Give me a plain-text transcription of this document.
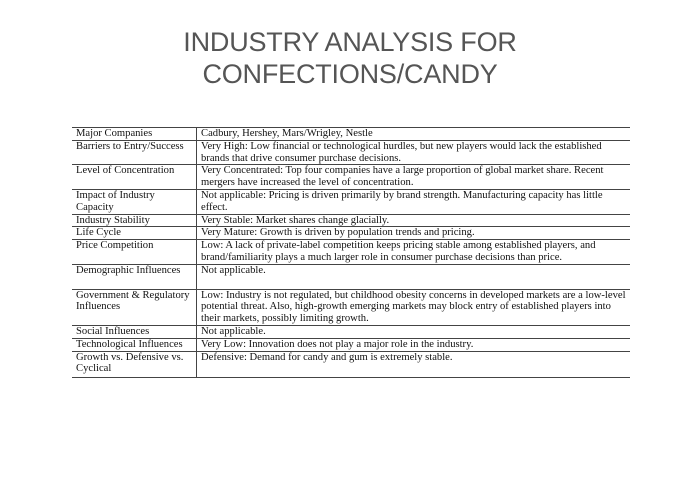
INDUSTRY ANALYSIS FOR
CONFECTIONS/CANDY
Major Companies	Cadbury, Hershey, Mars/Wrigley, Nestle
Barriers to Entry/Success	Very High: Low financial or technological hurdles, but new players would lack the established brands that drive consumer purchase decisions.
Level of Concentration	Very Concentrated: Top four companies have a large proportion of global market share. Recent mergers have increased the level of concentration.
Impact of Industry Capacity	Not applicable: Pricing is driven primarily by brand strength. Manufacturing capacity has little effect.
Industry Stability	Very Stable: Market shares change glacially.
Life Cycle	Very Mature: Growth is driven by population trends and pricing.
Price Competition	Low: A lack of private-label competition keeps pricing stable among established players, and brand/familiarity plays a much larger role in consumer purchase decisions than price.
Demographic Influences	Not applicable.
Government & Regulatory Influences	Low: Industry is not regulated, but childhood obesity concerns in developed markets are a low-level potential threat. Also, high-growth emerging markets may block entry of established players into their markets, possibly limiting growth.
Social Influences	Not applicable.
Technological Influences	Very Low: Innovation does not play a major role in the industry.
Growth vs. Defensive vs. Cyclical	Defensive: Demand for candy and gum is extremely stable.
